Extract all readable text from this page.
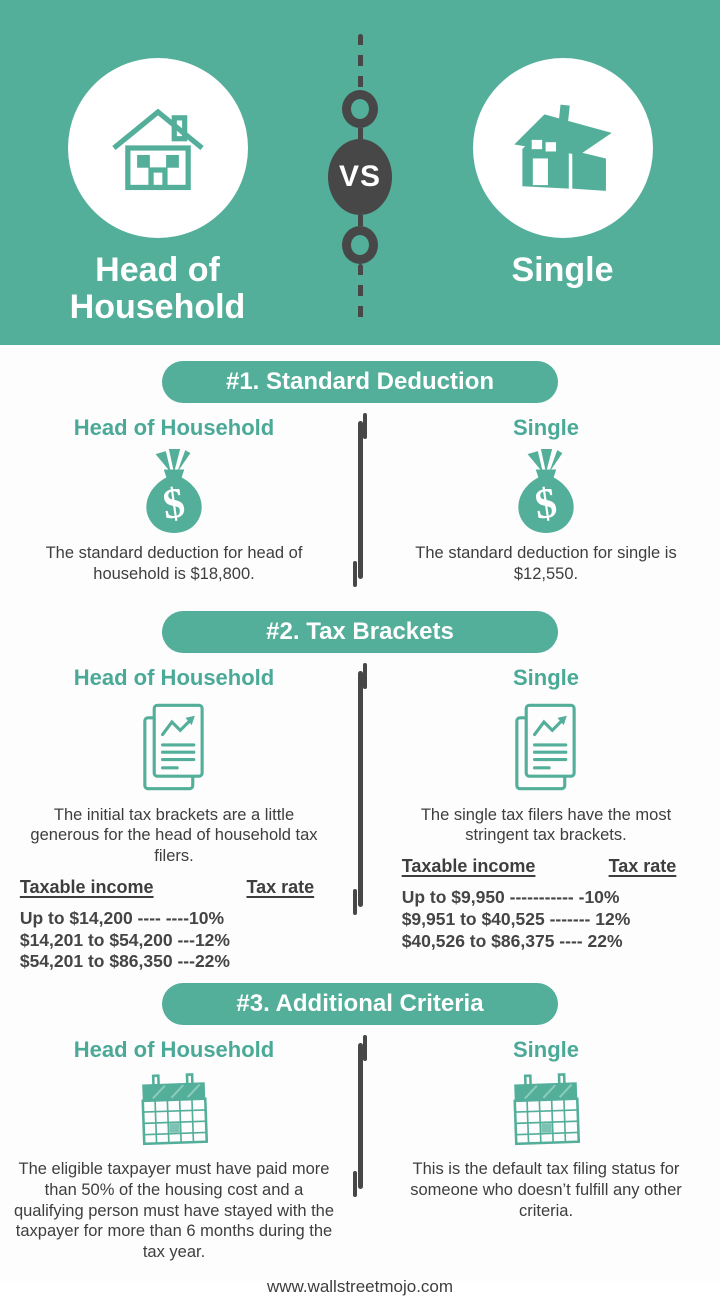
Head of Household
VS
Single
#1. Standard Deduction
Head of Household
$
The standard deduction for head of household is $18,800.
Single
$
The standard deduction for single is $12,550.
#2. Tax Brackets
Head of Household
The initial tax brackets are a little generous for the head of household tax filers.
Taxable income	Tax rate
Up to $14,200 ---- ----10%
$14,201 to $54,200 ---12%
$54,201 to $86,350 ---22%
Single
The single tax filers have the most stringent tax brackets.
Taxable income	Tax rate
Up to $9,950 ----------- -10%
$9,951 to $40,525 ------- 12%
$40,526 to $86,375 ---- 22%
#3. Additional Criteria
Head of Household
The eligible taxpayer must have paid more than 50% of the housing cost and a qualifying person must have stayed with the taxpayer for more than 6 months during the tax year.
Single
This is the default tax filing status for someone who doesn’t fulfill any other criteria.
www.wallstreetmojo.com
